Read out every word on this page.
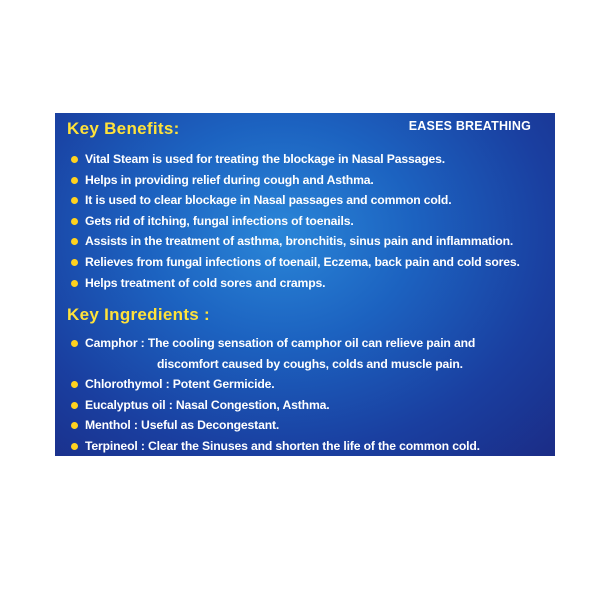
EASES BREATHING
Key Benefits:
Vital Steam is used for treating the blockage in Nasal Passages.
Helps in providing relief during cough and Asthma.
It is used to clear blockage in Nasal passages and common cold.
Gets rid of itching, fungal infections of toenails.
Assists in the treatment of asthma, bronchitis, sinus pain and inflammation.
Relieves from fungal infections of toenail, Eczema, back pain and cold sores.
Helps treatment of cold sores and cramps.
Key Ingredients :
Camphor : The cooling sensation of camphor oil can relieve pain and
discomfort caused by coughs, colds and muscle pain.
Chlorothymol : Potent Germicide.
Eucalyptus oil : Nasal Congestion, Asthma.
Menthol : Useful as Decongestant.
Terpineol : Clear the Sinuses and shorten the life of the common cold.
